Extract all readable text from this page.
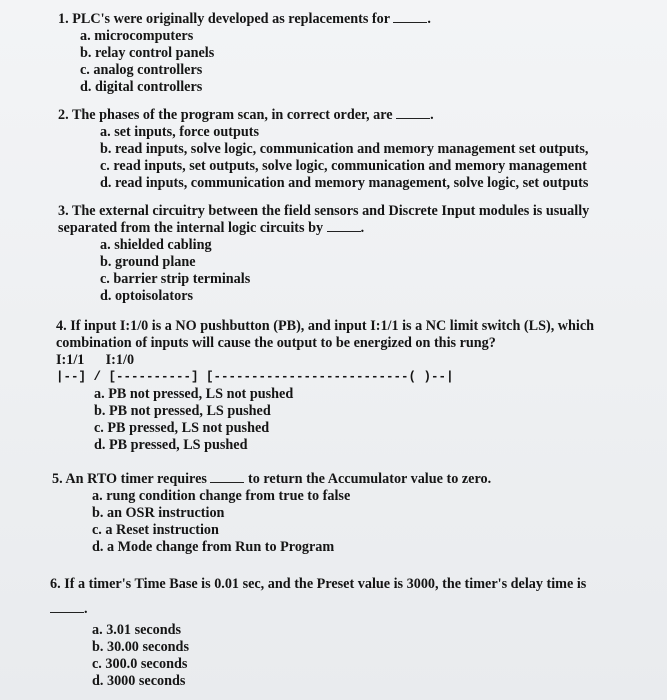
1. PLC's were originally developed as replacements for	.
a. microcomputers
b. relay control panels
c. analog controllers
d. digital controllers
2. The phases of the program scan, in correct order, are	.
a. set inputs, force outputs
b. read inputs, solve logic, communication and memory management set outputs,
c. read inputs, set outputs, solve logic, communication and memory management
d. read inputs, communication and memory management, solve logic, set outputs
3. The external circuitry between the field sensors and Discrete Input modules is usually
separated from the internal logic circuits by	.
a. shielded cabling
b. ground plane
c. barrier strip terminals
d. optoisolators
4. If input I:1/0 is a NO pushbutton (PB), and input I:1/1 is a NC limit switch (LS), which
combination of inputs will cause the output to be energized on this rung?
I:1/1      I:1/0
|--] / [----------] [--------------------------( )--|
a. PB not pressed, LS not pushed
b. PB not pressed, LS pushed
c. PB pressed, LS not pushed
d. PB pressed, LS pushed
5. An RTO timer requires	to return the Accumulator value to zero.
a. rung condition change from true to false
b. an OSR instruction
c. a Reset instruction
d. a Mode change from Run to Program
6. If a timer's Time Base is 0.01 sec, and the Preset value is 3000, the timer's delay time is
.
a. 3.01 seconds
b. 30.00 seconds
c. 300.0 seconds
d. 3000 seconds
